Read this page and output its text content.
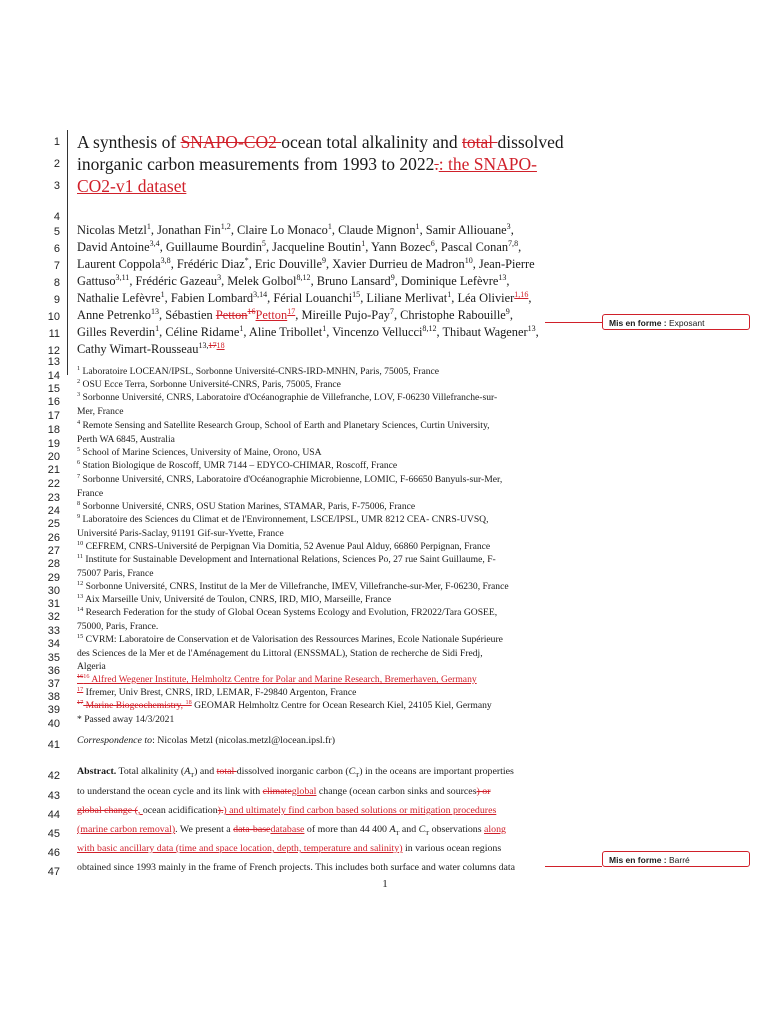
1
2
3
4
5
6
7
8
9
10
11
12
13
14
15
16
17
18
19
20
21
22
23
24
25
26
27
28
29
30
31
32
33
34
35
36
37
38
39
40
41
42
43
44
45
46
47
A synthesis of SNAPO-CO2 ocean total alkalinity and total dissolved
inorganic carbon measurements from 1993 to 2022.: the SNAPO-
CO2-v1 dataset
Nicolas Metzl$^1$, Jonathan Fin$^{1,2}$, Claire Lo Monaco$^1$, Claude Mignon$^1$, Samir Alliouane$^3$,
David Antoine$^{3,4}$, Guillaume Bourdin$^5$, Jacqueline Boutin$^1$, Yann Bozec$^6$, Pascal Conan$^{7,8}$,
Laurent Coppola$^{3,8}$, Frédéric Diaz*, Eric Douville$^9$, Xavier Durrieu de Madron$^{10}$, Jean-Pierre
Gattuso$^{3,11}$, Frédéric Gazeau$^3$, Melek Golbol$^{8,12}$, Bruno Lansard$^9$, Dominique Lefèvre$^{13}$,
Nathalie Lefèvre$^1$, Fabien Lombard$^{3,14}$, Férial Louanchi$^{15}$, Liliane Merlivat$^1$, Léa Olivier$^{1,16}$,
Anne Petrenko$^{13}$, Sébastien Petton$^{16}$Petton$^{17}$, Mireille Pujo-Pay$^7$, Christophe Rabouille$^9$,
Gilles Reverdin$^1$, Céline Ridame$^1$, Aline Tribollet$^1$, Vincenzo Vellucci$^{8,12}$, Thibaut Wagener$^{13}$,
Cathy Wimart-Rousseau$^{13,1718}$
$^1$ Laboratoire LOCEAN/IPSL, Sorbonne Université-CNRS-IRD-MNHN, Paris, 75005, France
$^2$ OSU Ecce Terra, Sorbonne Université-CNRS, Paris, 75005, France
$^3$ Sorbonne Université, CNRS, Laboratoire d'Océanographie de Villefranche, LOV, F-06230 Villefranche-sur-
Mer, France
$^4$ Remote Sensing and Satellite Research Group, School of Earth and Planetary Sciences, Curtin University,
Perth WA 6845, Australia
$^5$ School of Marine Sciences, University of Maine, Orono, USA
$^6$ Station Biologique de Roscoff, UMR 7144 – EDYCO-CHIMAR, Roscoff, France
$^7$ Sorbonne Université, CNRS, Laboratoire d'Océanographie Microbienne, LOMIC, F-66650 Banyuls-sur-Mer,
France
$^8$ Sorbonne Université, CNRS, OSU Station Marines, STAMAR, Paris, F-75006, France
$^9$ Laboratoire des Sciences du Climat et de l'Environnement, LSCE/IPSL, UMR 8212 CEA- CNRS-UVSQ,
Université Paris-Saclay, 91191 Gif-sur-Yvette, France
$^{10}$ CEFREM, CNRS-Université de Perpignan Via Domitia, 52 Avenue Paul Alduy, 66860 Perpignan, France
$^{11}$ Institute for Sustainable Development and International Relations, Sciences Po, 27 rue Saint Guillaume, F-
75007 Paris, France
$^{12}$ Sorbonne Université, CNRS, Institut de la Mer de Villefranche, IMEV, Villefranche-sur-Mer, F-06230, France
$^{13}$ Aix Marseille Univ, Université de Toulon, CNRS, IRD, MIO, Marseille, France
$^{14}$ Research Federation for the study of Global Ocean Systems Ecology and Evolution, FR2022/Tara GOSEE,
75000, Paris, France.
$^{15}$ CVRM: Laboratoire de Conservation et de Valorisation des Ressources Marines, Ecole Nationale Supérieure
des Sciences de la Mer et de l'Aménagement du Littoral (ENSSMAL), Station de recherche de Sidi Fredj,
Algeria
$^{1616}$ Alfred Wegener Institute, Helmholtz Centre for Polar and Marine Research, Bremerhaven, Germany
$^{17}$ Ifremer, Univ Brest, CNRS, IRD, LEMAR, F-29840 Argenton, France
$^{17}$ Marine Biogeochemistry, $^{18}$ GEOMAR Helmholtz Centre for Ocean Research Kiel, 24105 Kiel, Germany
* Passed away 14/3/2021
Correspondence to: Nicolas Metzl (nicolas.metzl@locean.ipsl.fr)
Abstract. Total alkalinity $(A_T)$ and total dissolved inorganic carbon $(C_T)$ in the oceans are important properties
to understand the ocean cycle and its link with climateglobal change (ocean carbon sinks and sources) or
global change (, ocean acidification).) and ultimately find carbon based solutions or mitigation procedures
(marine carbon removal). We present a data-basedatabase of more than 44 400 $A_T$ and $C_T$ observations along
with basic ancillary data (time and space location, depth, temperature and salinity) in various ocean regions
obtained since 1993 mainly in the frame of French projects. This includes both surface and water columns data
Mis en forme : Exposant
Mis en forme : Barré
1
